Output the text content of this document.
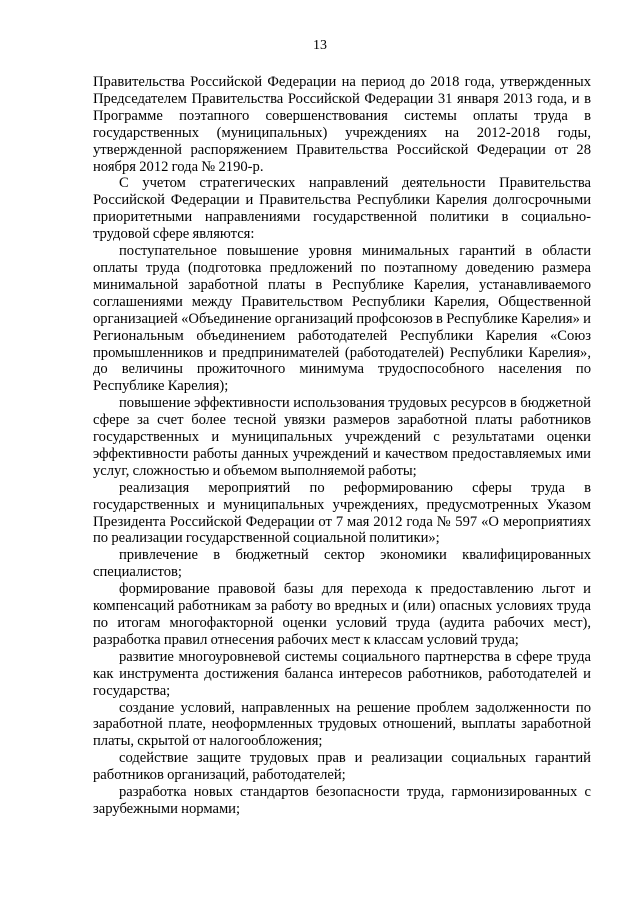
13

Правительства Российской Федерации на период до 2018 года, утвержденных Председателем Правительства Российской Федерации 31 января 2013 года, и в Программе поэтапного совершенствования системы оплаты труда в государственных (муниципальных) учреждениях на 2012-2018 годы, утвержденной распоряжением Правительства Российской Федерации от 28 ноября 2012 года № 2190-р.

С учетом стратегических направлений деятельности Правительства Российской Федерации и Правительства Республики Карелия долгосрочными приоритетными направлениями государственной политики в социально-трудовой сфере являются:

поступательное повышение уровня минимальных гарантий в области оплаты труда (подготовка предложений по поэтапному доведению размера минимальной заработной платы в Республике Карелия, устанавливаемого соглашениями между Правительством Республики Карелия, Общественной организацией «Объединение организаций профсоюзов в Республике Карелия» и Региональным объединением работодателей Республики Карелия «Союз промышленников и предпринимателей (работодателей) Республики Карелия», до величины прожиточного минимума трудоспособного населения по Республике Карелия);

повышение эффективности использования трудовых ресурсов в бюджетной сфере за счет более тесной увязки размеров заработной платы работников государственных и муниципальных учреждений с результатами оценки эффективности работы данных учреждений и качеством предоставляемых ими услуг, сложностью и объемом выполняемой работы;

реализация мероприятий по реформированию сферы труда в государственных и муниципальных учреждениях, предусмотренных Указом Президента Российской Федерации от 7 мая 2012 года № 597 «О мероприятиях по реализации государственной социальной политики»;

привлечение в бюджетный сектор экономики квалифицированных специалистов;

формирование правовой базы для перехода к предоставлению льгот и компенсаций работникам за работу во вредных и (или) опасных условиях труда по итогам многофакторной оценки условий труда (аудита рабочих мест), разработка правил отнесения рабочих мест к классам условий труда;

развитие многоуровневой системы социального партнерства в сфере труда как инструмента достижения баланса интересов работников, работодателей и государства;

создание условий, направленных на решение проблем задолженности по заработной плате, неоформленных трудовых отношений, выплаты заработной платы, скрытой от налогообложения;

содействие защите трудовых прав и реализации социальных гарантий работников организаций, работодателей;

разработка новых стандартов безопасности труда, гармонизированных с зарубежными нормами;
